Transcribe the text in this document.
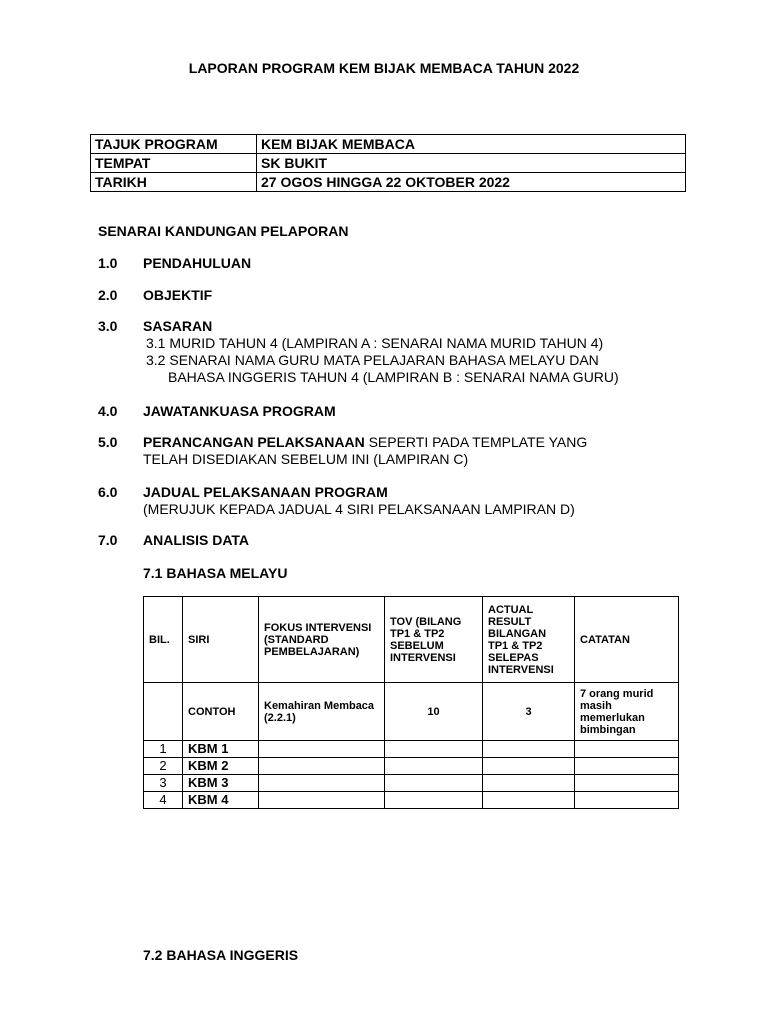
LAPORAN PROGRAM KEM BIJAK MEMBACA TAHUN 2022
TAJUK PROGRAM	KEM BIJAK MEMBACA
TEMPAT	SK BUKIT
TARIKH	27 OGOS HINGGA 22 OKTOBER 2022
SENARAI KANDUNGAN PELAPORAN
1.0	PENDAHULUAN
2.0	OBJEKTIF
3.0	SASARAN
3.1 MURID TAHUN 4 (LAMPIRAN A : SENARAI NAMA MURID TAHUN 4)
3.2 SENARAI NAMA GURU MATA PELAJARAN BAHASA MELAYU DAN
BAHASA INGGERIS TAHUN 4 (LAMPIRAN B : SENARAI NAMA GURU)
4.0	JAWATANKUASA PROGRAM
5.0	PERANCANGAN PELAKSANAAN SEPERTI PADA TEMPLATE YANG
TELAH DISEDIAKAN SEBELUM INI (LAMPIRAN C)
6.0	JADUAL PELAKSANAAN PROGRAM
(MERUJUK KEPADA JADUAL 4 SIRI PELAKSANAAN LAMPIRAN D)
7.0	ANALISIS DATA
7.1 BAHASA MELAYU
BIL.	SIRI	FOKUS INTERVENSI (STANDARD PEMBELAJARAN)	TOV (BILANG TP1 & TP2 SEBELUM INTERVENSI	ACTUAL RESULT BILANGAN TP1 & TP2 SELEPAS INTERVENSI	CATATAN
	CONTOH	Kemahiran Membaca (2.2.1)	10	3	7 orang murid masih memerlukan bimbingan
1	KBM 1				
2	KBM 2				
3	KBM 3				
4	KBM 4				
7.2 BAHASA INGGERIS
